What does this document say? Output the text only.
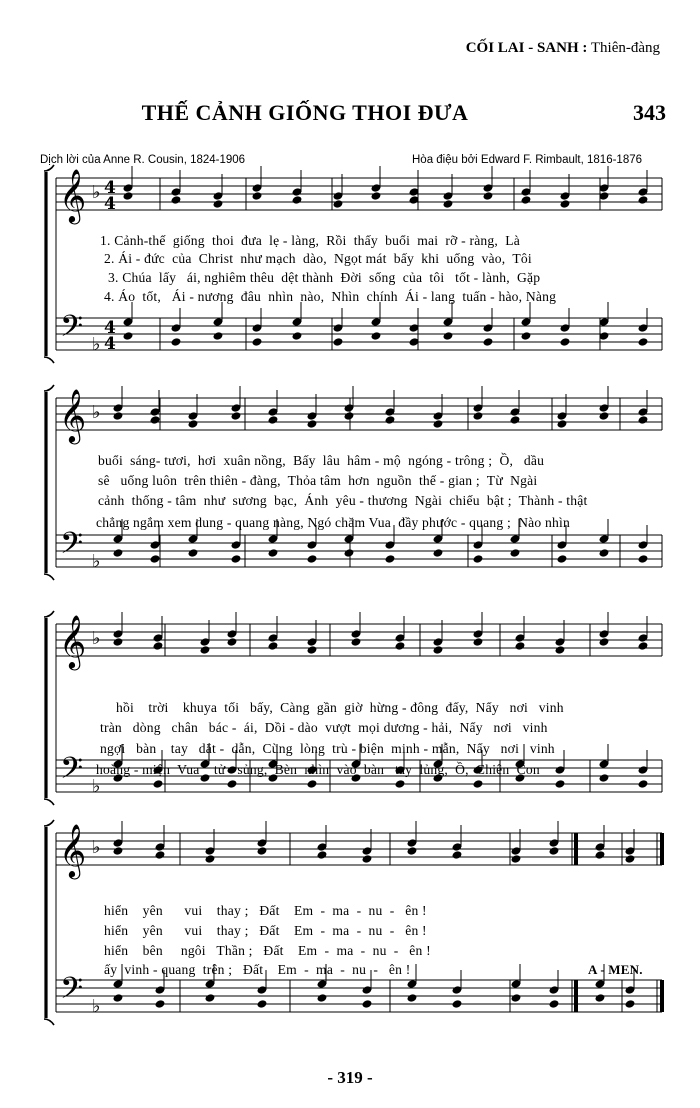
CỐI LAI - SANH : Thiên-đàng
THẾ CẢNH GIỐNG THOI ĐƯA	343
Dịch lời của Anne R. Cousin, 1824-1906	Hòa điệu bởi Edward F. Rimbault, 1816-1876
𝄞
𝄢
♭
♭
4
4
4
4
𝄞
𝄢
♭
♭
𝄞
𝄢
♭
♭
𝄞
𝄢
♭
♭
1. Cảnh-thế  giống  thoi  đưa  lẹ - làng,  Rồi  thấy  buổi  mai  rỡ - ràng,  Là
2. Ái - đức  của  Christ  như mạch  dào,  Ngọt mát  bấy  khi  uống  vào,  Tôi
3. Chúa  lấy   ái, nghiêm thêu  dệt thành  Đời  sống  của  tôi   tốt - lành,  Gặp
4. Áo  tốt,   Ái - nương  đâu  nhìn  nào,  Nhìn  chính  Ái - lang  tuấn - hào, Nàng
buổi  sáng- tươi,  hơi  xuân nồng,  Bấy  lâu  hâm - mộ  ngóng - trông ;  Ồ,   dầu
sê   uống luôn  trên thiên - đàng,  Thỏa tâm  hơn  nguồn  thế - gian ;  Từ  Ngài
cảnh  thống - tâm  như  sương  bạc,  Ánh  yêu - thương  Ngài  chiếu  bật ;  Thành - thật
chẳng ngắm xem dung - quang nàng, Ngó chăm Vua  đầy phước - quang ;  Nào nhìn
hồi    trời    khuya  tối   bấy,  Càng  gần  giờ  hừng - đông  đấy,  Nẩy   nơi   vinh
tràn   dòng   chân   bác -  ái,  Dồi - dào  vượt  mọi dương - hải,  Nẩy   nơi   vinh
ngợi   bàn    tay   dắt -  dẫn,  Cùng  lòng  trù - biện  minh - mẫn,  Nẩy   nơi   vinh
hoàng - miện  Vua    tử - sủng,  Bèn  nhìn  vào  bàn   tay  lủng,  Ồ,  Chiên  Con
hiển    yên      vui    thay ;   Đất    Em  -  ma  -  nu  -   ên !
hiển    yên      vui    thay ;   Đất    Em  -  ma  -  nu  -   ên !
hiển    bên     ngôi   Thần ;   Đất    Em  -  ma  -  nu  -   ên !
ấy  vinh - quang  trên ;   Đất    Em  -  ma  -  nu  -   ên !	A - MEN.
- 319 -
